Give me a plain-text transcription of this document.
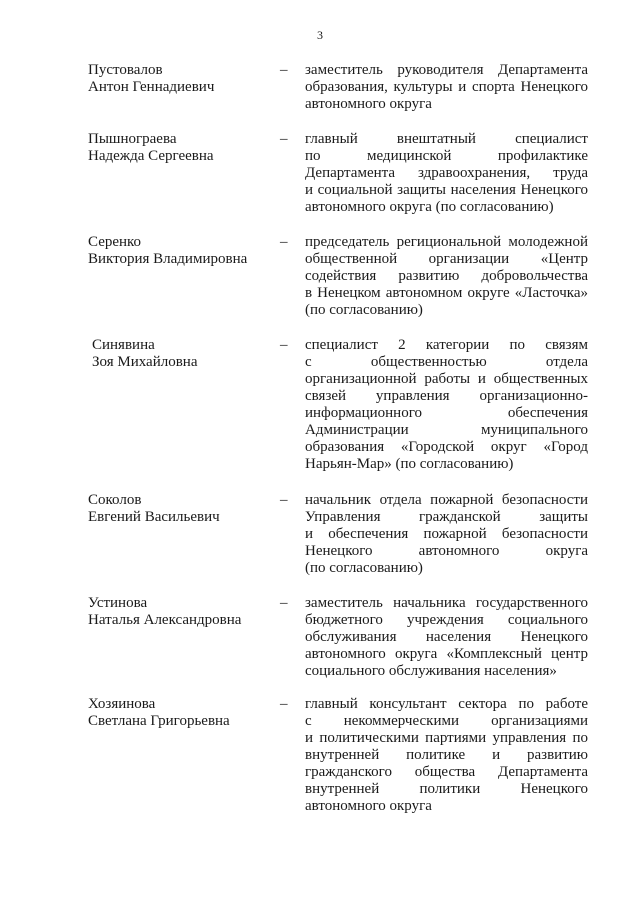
3
Пустовалов
Антон Геннадиевич
– заместитель руководителя Департамента
образования, культуры и спорта Ненецкого
автономного округа
Пышнограева
Надежда Сергеевна
– главный внештатный специалист
по медицинской профилактике
Департамента здравоохранения, труда
и социальной защиты населения Ненецкого
автономного округа (по согласованию)
Серенко
Виктория Владимировна
– председатель регициональной молодежной
общественной организации «Центр
содействия развитию добровольчества
в Ненецком автономном округе «Ласточка»
(по согласованию)
Синявина
Зоя Михайловна
– специалист 2 категории по связям
с общественностью отдела
организационной работы и общественных
связей управления организационно-
информационного обеспечения
Администрации муниципального
образования «Городской округ «Город
Нарьян-Мар» (по согласованию)
Соколов
Евгений Васильевич
– начальник отдела пожарной безопасности
Управления гражданской защиты
и обеспечения пожарной безопасности
Ненецкого автономного округа
(по согласованию)
Устинова
Наталья Александровна
– заместитель начальника государственного
бюджетного учреждения социального
обслуживания населения Ненецкого
автономного округа «Комплексный центр
социального обслуживания населения»
Хозяинова
Светлана Григорьевна
– главный консультант сектора по работе
с некоммерческими организациями
и политическими партиями управления по
внутренней политике и развитию
гражданского общества Департамента
внутренней политики Ненецкого
автономного округа
